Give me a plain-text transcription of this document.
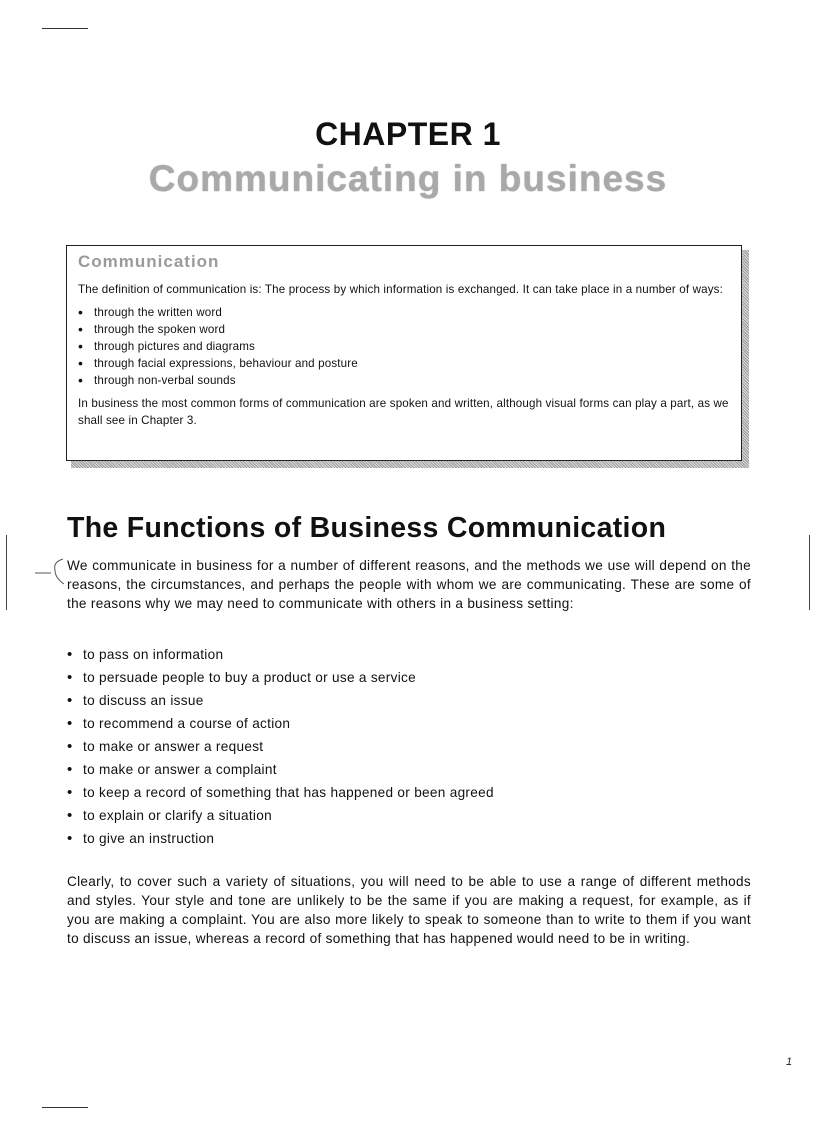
CHAPTER 1
Communicating in business
Communication

The definition of communication is: The process by which information is exchanged. It can take place in a number of ways:

• through the written word
• through the spoken word
• through pictures and diagrams
• through facial expressions, behaviour and posture
• through non-verbal sounds

In business the most common forms of communication are spoken and written, although visual forms can play a part, as we shall see in Chapter 3.

The Functions of Business Communication

We communicate in business for a number of different reasons, and the methods we use will depend on the reasons, the circumstances, and perhaps the people with whom we are communicating. These are some of the reasons why we may need to communicate with others in a business setting:

• to pass on information
• to persuade people to buy a product or use a service
• to discuss an issue
• to recommend a course of action
• to make or answer a request
• to make or answer a complaint
• to keep a record of something that has happened or been agreed
• to explain or clarify a situation
• to give an instruction

Clearly, to cover such a variety of situations, you will need to be able to use a range of different methods and styles. Your style and tone are unlikely to be the same if you are making a request, for example, as if you are making a complaint. You are also more likely to speak to someone than to write to them if you want to discuss an issue, whereas a record of something that has happened would need to be in writing.

1
